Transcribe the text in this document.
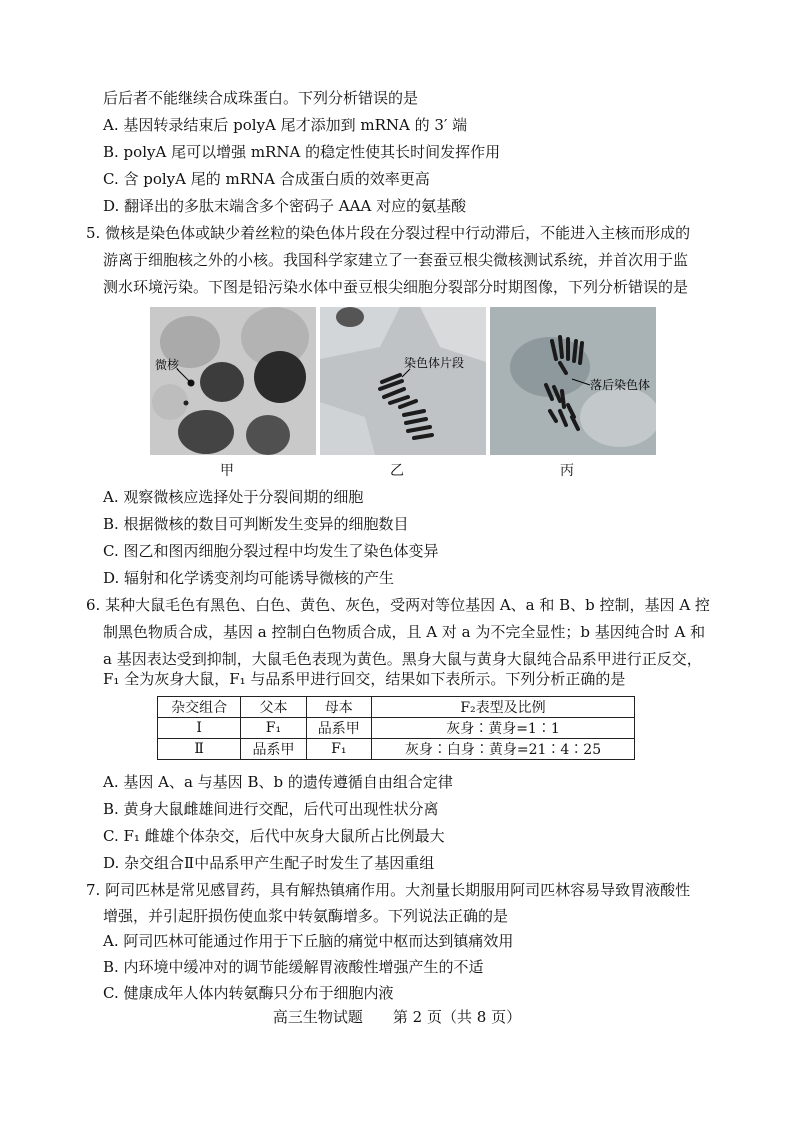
后后者不能继续合成珠蛋白。下列分析错误的是
A. 基因转录结束后 polyA 尾才添加到 mRNA 的 3′ 端
B. polyA 尾可以增强 mRNA 的稳定性使其长时间发挥作用
C. 含 polyA 尾的 mRNA 合成蛋白质的效率更高
D. 翻译出的多肽末端含多个密码子 AAA 对应的氨基酸
5. 微核是染色体或缺少着丝粒的染色体片段在分裂过程中行动滞后，不能进入主核而形成的
游离于细胞核之外的小核。我国科学家建立了一套蚕豆根尖微核测试系统，并首次用于监
测水环境污染。下图是铅污染水体中蚕豆根尖细胞分裂部分时期图像，下列分析错误的是
微核	染色体片段
落后染色体
甲	乙	丙
A. 观察微核应选择处于分裂间期的细胞
B. 根据微核的数目可判断发生变异的细胞数目
C. 图乙和图丙细胞分裂过程中均发生了染色体变异
D. 辐射和化学诱变剂均可能诱导微核的产生
6. 某种大鼠毛色有黑色、白色、黄色、灰色，受两对等位基因 A、a 和 B、b 控制，基因 A 控
制黑色物质合成，基因 a 控制白色物质合成，且 A 对 a 为不完全显性；b 基因纯合时 A 和
a 基因表达受到抑制，大鼠毛色表现为黄色。黑身大鼠与黄身大鼠纯合品系甲进行正反交，
F₁ 全为灰身大鼠，F₁ 与品系甲进行回交，结果如下表所示。下列分析正确的是
杂交组合	父本	母本	F₂表型及比例
Ⅰ	F₁	品系甲	灰身∶黄身=1∶1
Ⅱ	品系甲	F₁	灰身∶白身∶黄身=21∶4∶25
A. 基因 A、a 与基因 B、b 的遗传遵循自由组合定律
B. 黄身大鼠雌雄间进行交配，后代可出现性状分离
C. F₁ 雌雄个体杂交，后代中灰身大鼠所占比例最大
D. 杂交组合Ⅱ中品系甲产生配子时发生了基因重组
7. 阿司匹林是常见感冒药，具有解热镇痛作用。大剂量长期服用阿司匹林容易导致胃液酸性
增强，并引起肝损伤使血浆中转氨酶增多。下列说法正确的是
A. 阿司匹林可能通过作用于下丘脑的痛觉中枢而达到镇痛效用
B. 内环境中缓冲对的调节能缓解胃液酸性增强产生的不适
C. 健康成年人体内转氨酶只分布于细胞内液
高三生物试题　　第 2 页（共 8 页）
